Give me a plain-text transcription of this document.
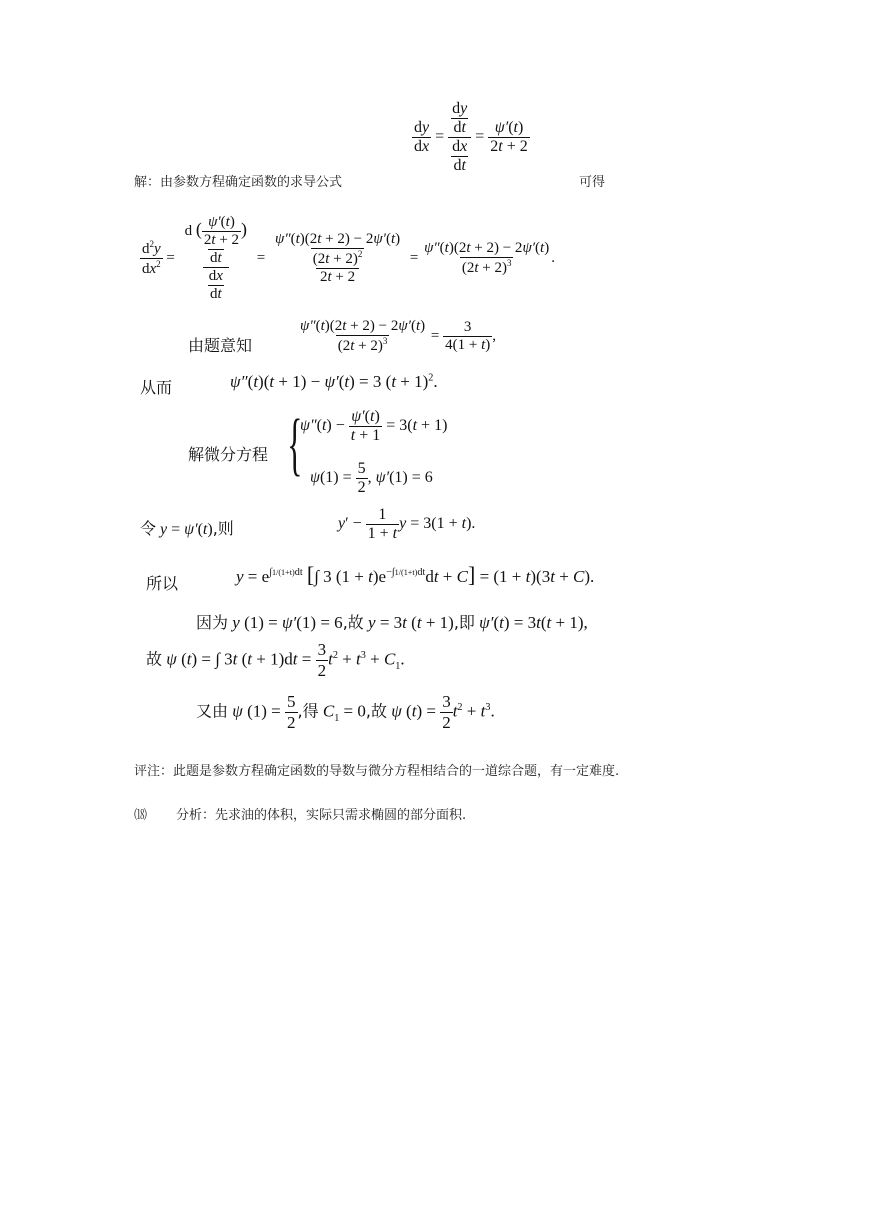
$\frac{dy}{dx} = \frac{\frac{dy}{dt}}{\frac{dx}{dt}} = \frac{\psi'(t)}{2t + 2}$
解：由参数方程确定函数的求导公式	可得
$\frac{d^2y}{dx^2} = \frac{\frac{d ( \frac{\psi'(t)}{2t + 2} )}{dt}}{\frac{dx}{dt}} = \frac{\frac{\psi''(t)(2t + 2) - 2\psi'(t)}{(2t + 2)^2}}{2t + 2} = \frac{\psi''(t)(2t + 2) - 2\psi'(t)}{(2t + 2)^3}$ .
由题意知	$\frac{\psi''(t)(2t + 2) - 2\psi'(t)}{(2t + 2)^3} = \frac{3}{4(1 + t)}$ ,
从而	ψ″(t)(t + 1) − ψ′(t) = 3 $(t + 1)^2$.
解微分方程 {
$\psi''(t) - \frac{\psi'(t)}{t + 1} = 3(t + 1)$
$\psi(1) = \frac{5}{2}$ , ψ′(1) = 6
令 y = ψ′(t),则	$y' - \frac{1}{1 + t}$ y = 3(1 + t).
所以	$y = e^{\int 1/(1+t)dt}$ [∫ 3 $(1 + t)e^{-\int 1/(1+t)dt}dt + C] = (1 + t)(3t + C)$.
因为 y (1) = ψ′(1) = 6,故 y = 3t (t + 1),即 ψ′(t) = 3t(t + 1),
故 ψ (t) = ∫ 3t $(t + 1)dt = \frac{3}{2} t^2 + t^3 + C_1$.
又由 ψ $(1) = \frac{5}{2}$ ,得 $C_1 = 0$,故 ψ $(t) = \frac{3}{2} t^2 + t^3$.
评注：此题是参数方程确定函数的导数与微分方程相结合的一道综合题，有一定难度.
⒅ 分析：先求油的体积，实际只需求椭圆的部分面积.
